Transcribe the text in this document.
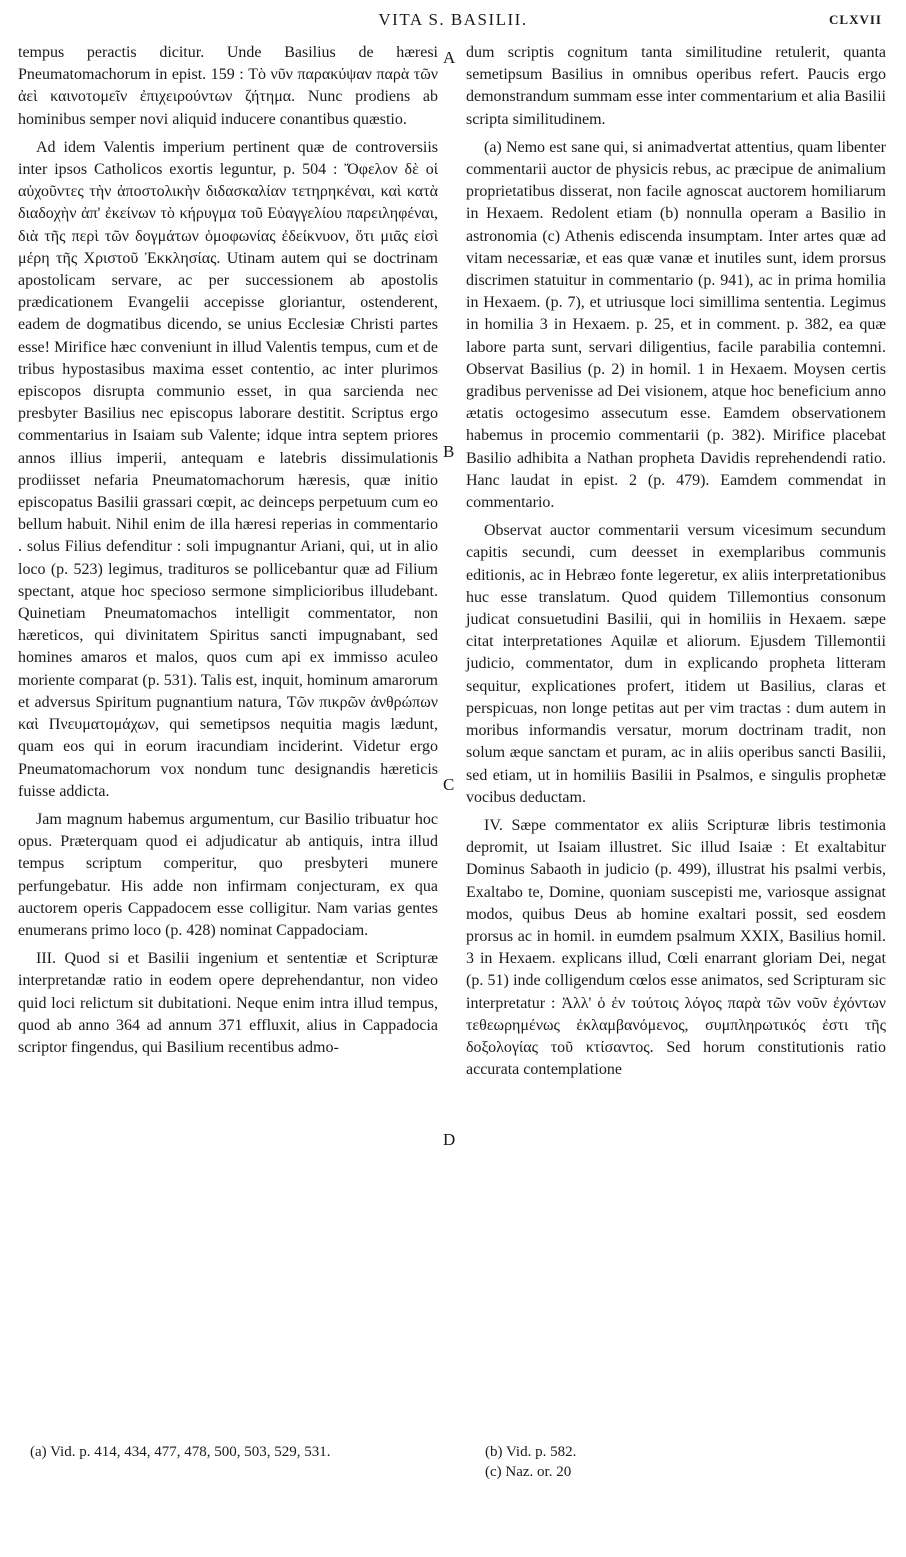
VITA S. BASILII.	CLXVII

tempus peractis dicitur. Unde Basilius de hæresi Pneumatomachorum in epist. 159 : Τὸ νῦν παρακύψαν παρὰ τῶν ἀεὶ καινοτομεῖν ἐπιχειρούντων ζήτημα. Nunc prodiens ab hominibus semper novi aliquid inducere conantibus quæstio.

Ad idem Valentis imperium pertinent quæ de controversiis inter ipsos Catholicos exortis leguntur, p. 504 : Ὄφελον δὲ οἱ αὐχοῦντες τὴν ἀποστολικὴν διδασκαλίαν τετηρηκέναι, καὶ κατὰ διαδοχὴν ἀπ' ἐκείνων τὸ κήρυγμα τοῦ Εὐαγγελίου παρειληφέναι, διὰ τῆς περὶ τῶν δογμάτων ὁμοφωνίας ἐδείκνυον, ὅτι μιᾶς εἰσὶ μέρη τῆς Χριστοῦ Ἐκκλησίας. Utinam autem qui se doctrinam apostolicam servare, ac per successionem ab apostolis prædicationem Evangelii accepisse gloriantur, ostenderent, eadem de dogmatibus dicendo, se unius Ecclesiæ Christi partes esse! Mirifice hæc conveniunt in illud Valentis tempus, cum et de tribus hypostasibus maxima esset contentio, ac inter plurimos episcopos disrupta communio esset, in qua sarcienda nec presbyter Basilius nec episcopus laborare destitit. Scriptus ergo commentarius in Isaiam sub Valente; idque intra septem priores annos illius imperii, antequam e latebris dissimulationis prodiisset nefaria Pneumatomachorum hæresis, quæ initio episcopatus Basilii grassari cœpit, ac deinceps perpetuum cum eo bellum habuit. Nihil enim de illa hæresi reperias in commentario . solus Filius defenditur : soli impugnantur Ariani, qui, ut in alio loco (p. 523) legimus, tradituros se pollicebantur quæ ad Filium spectant, atque hoc specioso sermone simplicioribus illudebant. Quinetiam Pneumatomachos intelligit commentator, non hæreticos, qui divinitatem Spiritus sancti impugnabant, sed homines amaros et malos, quos cum api ex immisso aculeo moriente comparat (p. 531). Talis est, inquit, hominum amarorum et adversus Spiritum pugnantium natura, Τῶν πικρῶν ἀνθρώπων καὶ Πνευματομάχων, qui semetipsos nequitia magis lædunt, quam eos qui in eorum iracundiam inciderint. Videtur ergo Pneumatomachorum vox nondum tunc designandis hæreticis fuisse addicta.

Jam magnum habemus argumentum, cur Basilio tribuatur hoc opus. Præterquam quod ei adjudicatur ab antiquis, intra illud tempus scriptum comperitur, quo presbyteri munere perfungebatur. His adde non infirmam conjecturam, ex qua auctorem operis Cappadocem esse colligitur. Nam varias gentes enumerans primo loco (p. 428) nominat Cappadociam.

III. Quod si et Basilii ingenium et sententiæ et Scripturæ interpretandæ ratio in eodem opere deprehendantur, non video quid loci relictum sit dubitationi. Neque enim intra illud tempus, quod ab anno 364 ad annum 371 effluxit, alius in Cappadocia scriptor fingendus, qui Basilium recentibus admo-

A
B
C
D

dum scriptis cognitum tanta similitudine retulerit, quanta semetipsum Basilius in omnibus operibus refert. Paucis ergo demonstrandum summam esse inter commentarium et alia Basilii scripta similitudinem.

(a) Nemo est sane qui, si animadvertat attentius, quam libenter commentarii auctor de physicis rebus, ac præcipue de animalium proprietatibus disserat, non facile agnoscat auctorem homiliarum in Hexaem. Redolent etiam (b) nonnulla operam a Basilio in astronomia (c) Athenis ediscenda insumptam. Inter artes quæ ad vitam necessariæ, et eas quæ vanæ et inutiles sunt, idem prorsus discrimen statuitur in commentario (p. 941), ac in prima homilia in Hexaem. (p. 7), et utriusque loci simillima sententia. Legimus in homilia 3 in Hexaem. p. 25, et in comment. p. 382, ea quæ labore parta sunt, servari diligentius, facile parabilia contemni. Observat Basilius (p. 2) in homil. 1 in Hexaem. Moysen certis gradibus pervenisse ad Dei visionem, atque hoc beneficium anno ætatis octogesimo assecutum esse. Eamdem observationem habemus in procemio commentarii (p. 382). Mirifice placebat Basilio adhibita a Nathan propheta Davidis reprehendendi ratio. Hanc laudat in epist. 2 (p. 479). Eamdem commendat in commentario.

Observat auctor commentarii versum vicesimum secundum capitis secundi, cum deesset in exemplaribus communis editionis, ac in Hebræo fonte legeretur, ex aliis interpretationibus huc esse translatum. Quod quidem Tillemontius consonum judicat consuetudini Basilii, qui in homiliis in Hexaem. sæpe citat interpretationes Aquilæ et aliorum. Ejusdem Tillemontii judicio, commentator, dum in explicando propheta litteram sequitur, explicationes profert, itidem ut Basilius, claras et perspicuas, non longe petitas aut per vim tractas : dum autem in moribus informandis versatur, morum doctrinam tradit, non solum æque sanctam et puram, ac in aliis operibus sancti Basilii, sed etiam, ut in homiliis Basilii in Psalmos, e singulis prophetæ vocibus deductam.

IV. Sæpe commentator ex aliis Scripturæ libris testimonia depromit, ut Isaiam illustret. Sic illud Isaiæ : Et exaltabitur Dominus Sabaoth in judicio (p. 499), illustrat his psalmi verbis, Exaltabo te, Domine, quoniam suscepisti me, variosque assignat modos, quibus Deus ab homine exaltari possit, sed eosdem prorsus ac in homil. in eumdem psalmum XXIX, Basilius homil. 3 in Hexaem. explicans illud, Cœli enarrant gloriam Dei, negat (p. 51) inde colligendum cœlos esse animatos, sed Scripturam sic interpretatur : Ἀλλ' ὁ ἐν τούτοις λόγος παρὰ τῶν νοῦν ἐχόντων τεθεωρημένως ἐκλαμβανόμενος, συμπληρωτικός ἐστι τῆς δοξολογίας τοῦ κτίσαντος. Sed horum constitutionis ratio accurata contemplatione

(a) Vid. p. 414, 434, 477, 478, 500, 503, 529, 531.	(b) Vid. p. 582.
(c) Naz. or. 20
